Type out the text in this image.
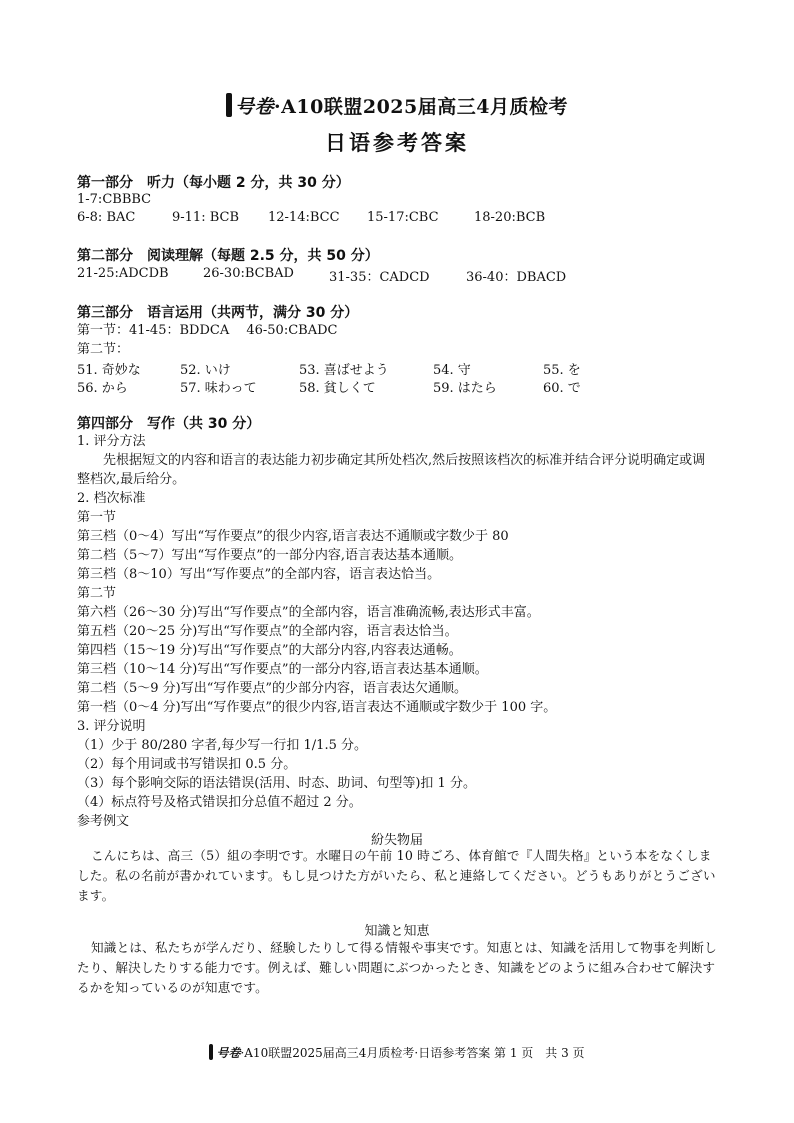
号卷·A10联盟2025届高三4月质检考
日语参考答案
第一部分　听力（每小题 2 分，共 30 分）
1-7:CBBBC
6-8: BAC	9-11: BCB 12-14:BCC 15-17:CBC	18-20:BCB
第二部分　阅读理解（每题 2.5 分，共 50 分）
21-25:ADCDB	26-30:BCBAD	31-35：CADCD	36-40：DBACD
第三部分　语言运用（共两节，满分 30 分）
第一节：41-45：BDDCA　 46-50:CBADC
第二节：
51. 奇妙な	52. いけ	53. 喜ばせよう	54. 守	55. を
56. から	57. 味わって	58. 貧しくて	59. はたら	60. で
第四部分　写作（共 30 分）
1. 评分方法
先根据短文的内容和语言的表达能力初步确定其所处档次,然后按照该档次的标准并结合评分说明确定或调整档次,最后给分。
2. 档次标准
第一节
第三档（0～4）写出“写作要点”的很少内容,语言表达不通顺或字数少于 80
第二档（5～7）写出“写作要点”的一部分内容,语言表达基本通顺。
第三档（8～10）写出“写作要点”的全部内容，语言表达恰当。
第二节
第六档（26～30 分)写出“写作要点”的全部内容，语言准确流畅,表达形式丰富。
第五档（20～25 分)写出“写作要点”的全部内容，语言表达恰当。
第四档（15～19 分)写出“写作要点”的大部分内容,内容表达通畅。
第三档（10～14 分)写出“写作要点”的一部分内容,语言表达基本通顺。
第二档（5～9 分)写出“写作要点”的少部分内容，语言表达欠通顺。
第一档（0～4 分)写出“写作要点”的很少内容,语言表达不通顺或字数少于 100 字。
3. 评分说明
（1）少于 80/280 字者,每少写一行扣 1/1.5 分。
（2）每个用词或书写错误扣 0.5 分。
（3）每个影响交际的语法错误(活用、时态、助词、句型等)扣 1 分。
（4）标点符号及格式错误扣分总值不超过 2 分。
参考例文
紛失物届
こんにちは、高三（5）組の李明です。水曜日の午前 10 時ごろ、体育館で『人間失格』という本をなくしました。私の名前が書かれています。もし見つけた方がいたら、私と連絡してください。どうもありがとうございます。
知識と知恵
知識とは、私たちが学んだり、経験したりして得る情報や事実です。知恵とは、知識を活用して物事を判断したり、解決したりする能力です。例えば、難しい問題にぶつかったとき、知識をどのように組み合わせて解決するかを知っているのが知恵です。
号卷·A10联盟2025届高三4月质检考·日语参考答案 第 1 页　共 3 页
